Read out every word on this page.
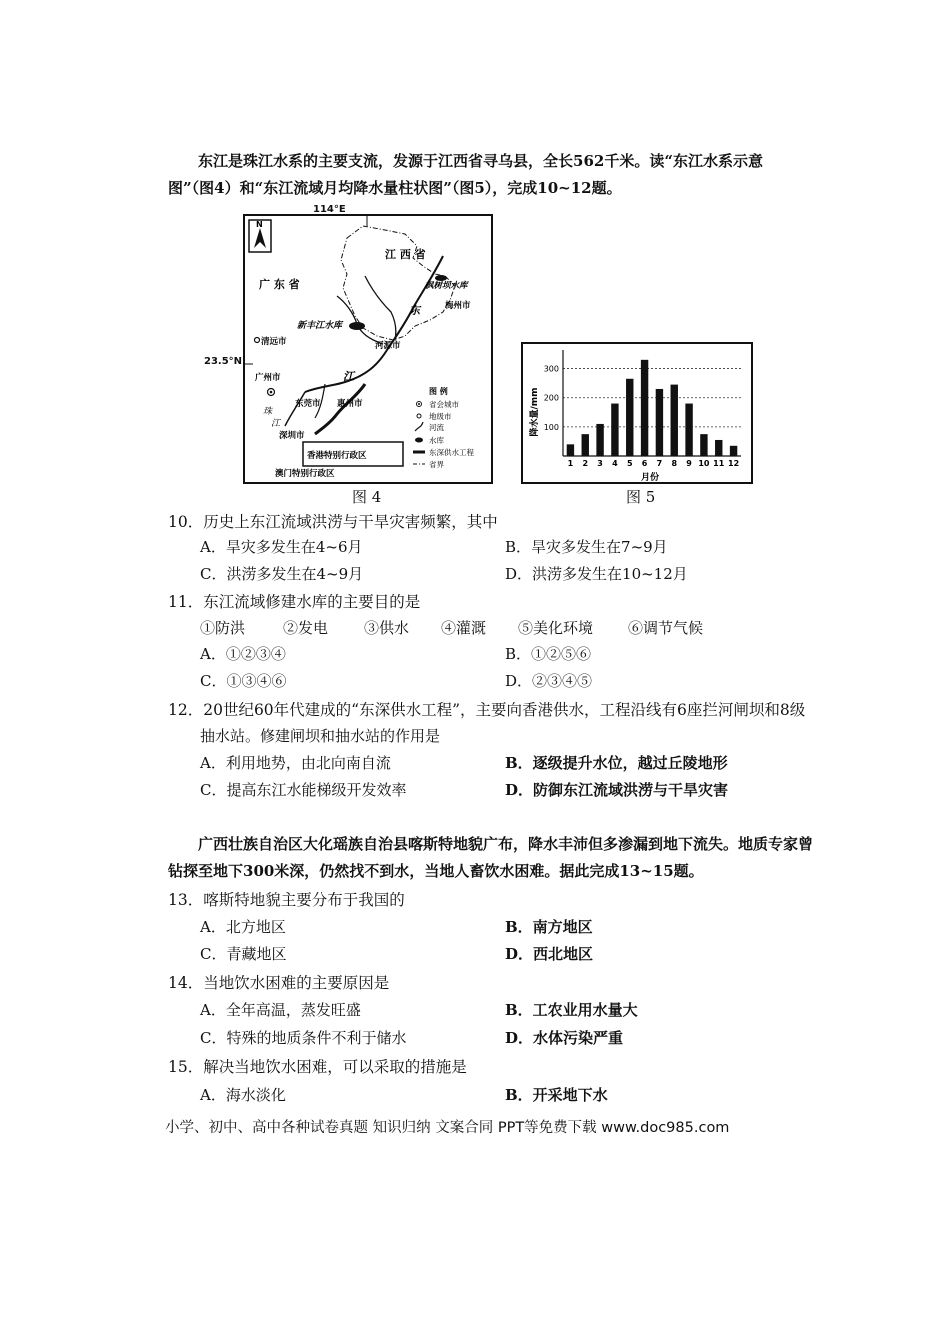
东江是珠江水系的主要支流，发源于江西省寻乌县，全长562千米。读“东江水系示意图”（图4）和“东江流域月均降水量柱状图”（图5），完成10~12题。
N
江 西 省
广 东 省	枫树坝水库
梅州市
东
新丰江水库
河源市
清远市
广州市	江
珠
东莞市 惠州市
江
深圳市
香港特别行政区
澳门特别行政区
图 例
省会城市
地级市
河流
水库
东深供水工程
省界
114°E
23.5°N
图 4
降水量/mm
月份
100
200
300
1 2 3 4 5 6 7 8 9 10 11 12
图 5
10．历史上东江流域洪涝与干旱灾害频繁，其中
A．旱灾多发生在4~6月	B．旱灾多发生在7~9月
C．洪涝多发生在4~9月	D．洪涝多发生在10~12月
11．东江流域修建水库的主要目的是
①防洪	②发电 ③供水 ④灌溉 ⑤美化环境 ⑥调节气候
A．①②③④	B．①②⑤⑥
C．①③④⑥	D．②③④⑤
12．20世纪60年代建成的“东深供水工程”，主要向香港供水，工程沿线有6座拦河闸坝和8级
抽水站。修建闸坝和抽水站的作用是
A．利用地势，由北向南自流	B．逐级提升水位，越过丘陵地形
C．提高东江水能梯级开发效率	D．防御东江流域洪涝与干旱灾害
广西壮族自治区大化瑶族自治县喀斯特地貌广布，降水丰沛但多渗漏到地下流失。地质专家曾钻探至地下300米深，仍然找不到水，当地人畜饮水困难。据此完成13~15题。
13．喀斯特地貌主要分布于我国的
A．北方地区	B．南方地区
C．青藏地区	D．西北地区
14．当地饮水困难的主要原因是
A．全年高温，蒸发旺盛	B．工农业用水量大
C．特殊的地质条件不利于储水	D．水体污染严重
15．解决当地饮水困难，可以采取的措施是
A．海水淡化	B．开采地下水
小学、初中、高中各种试卷真题 知识归纳 文案合同 PPT等免费下载 www.doc985.com
